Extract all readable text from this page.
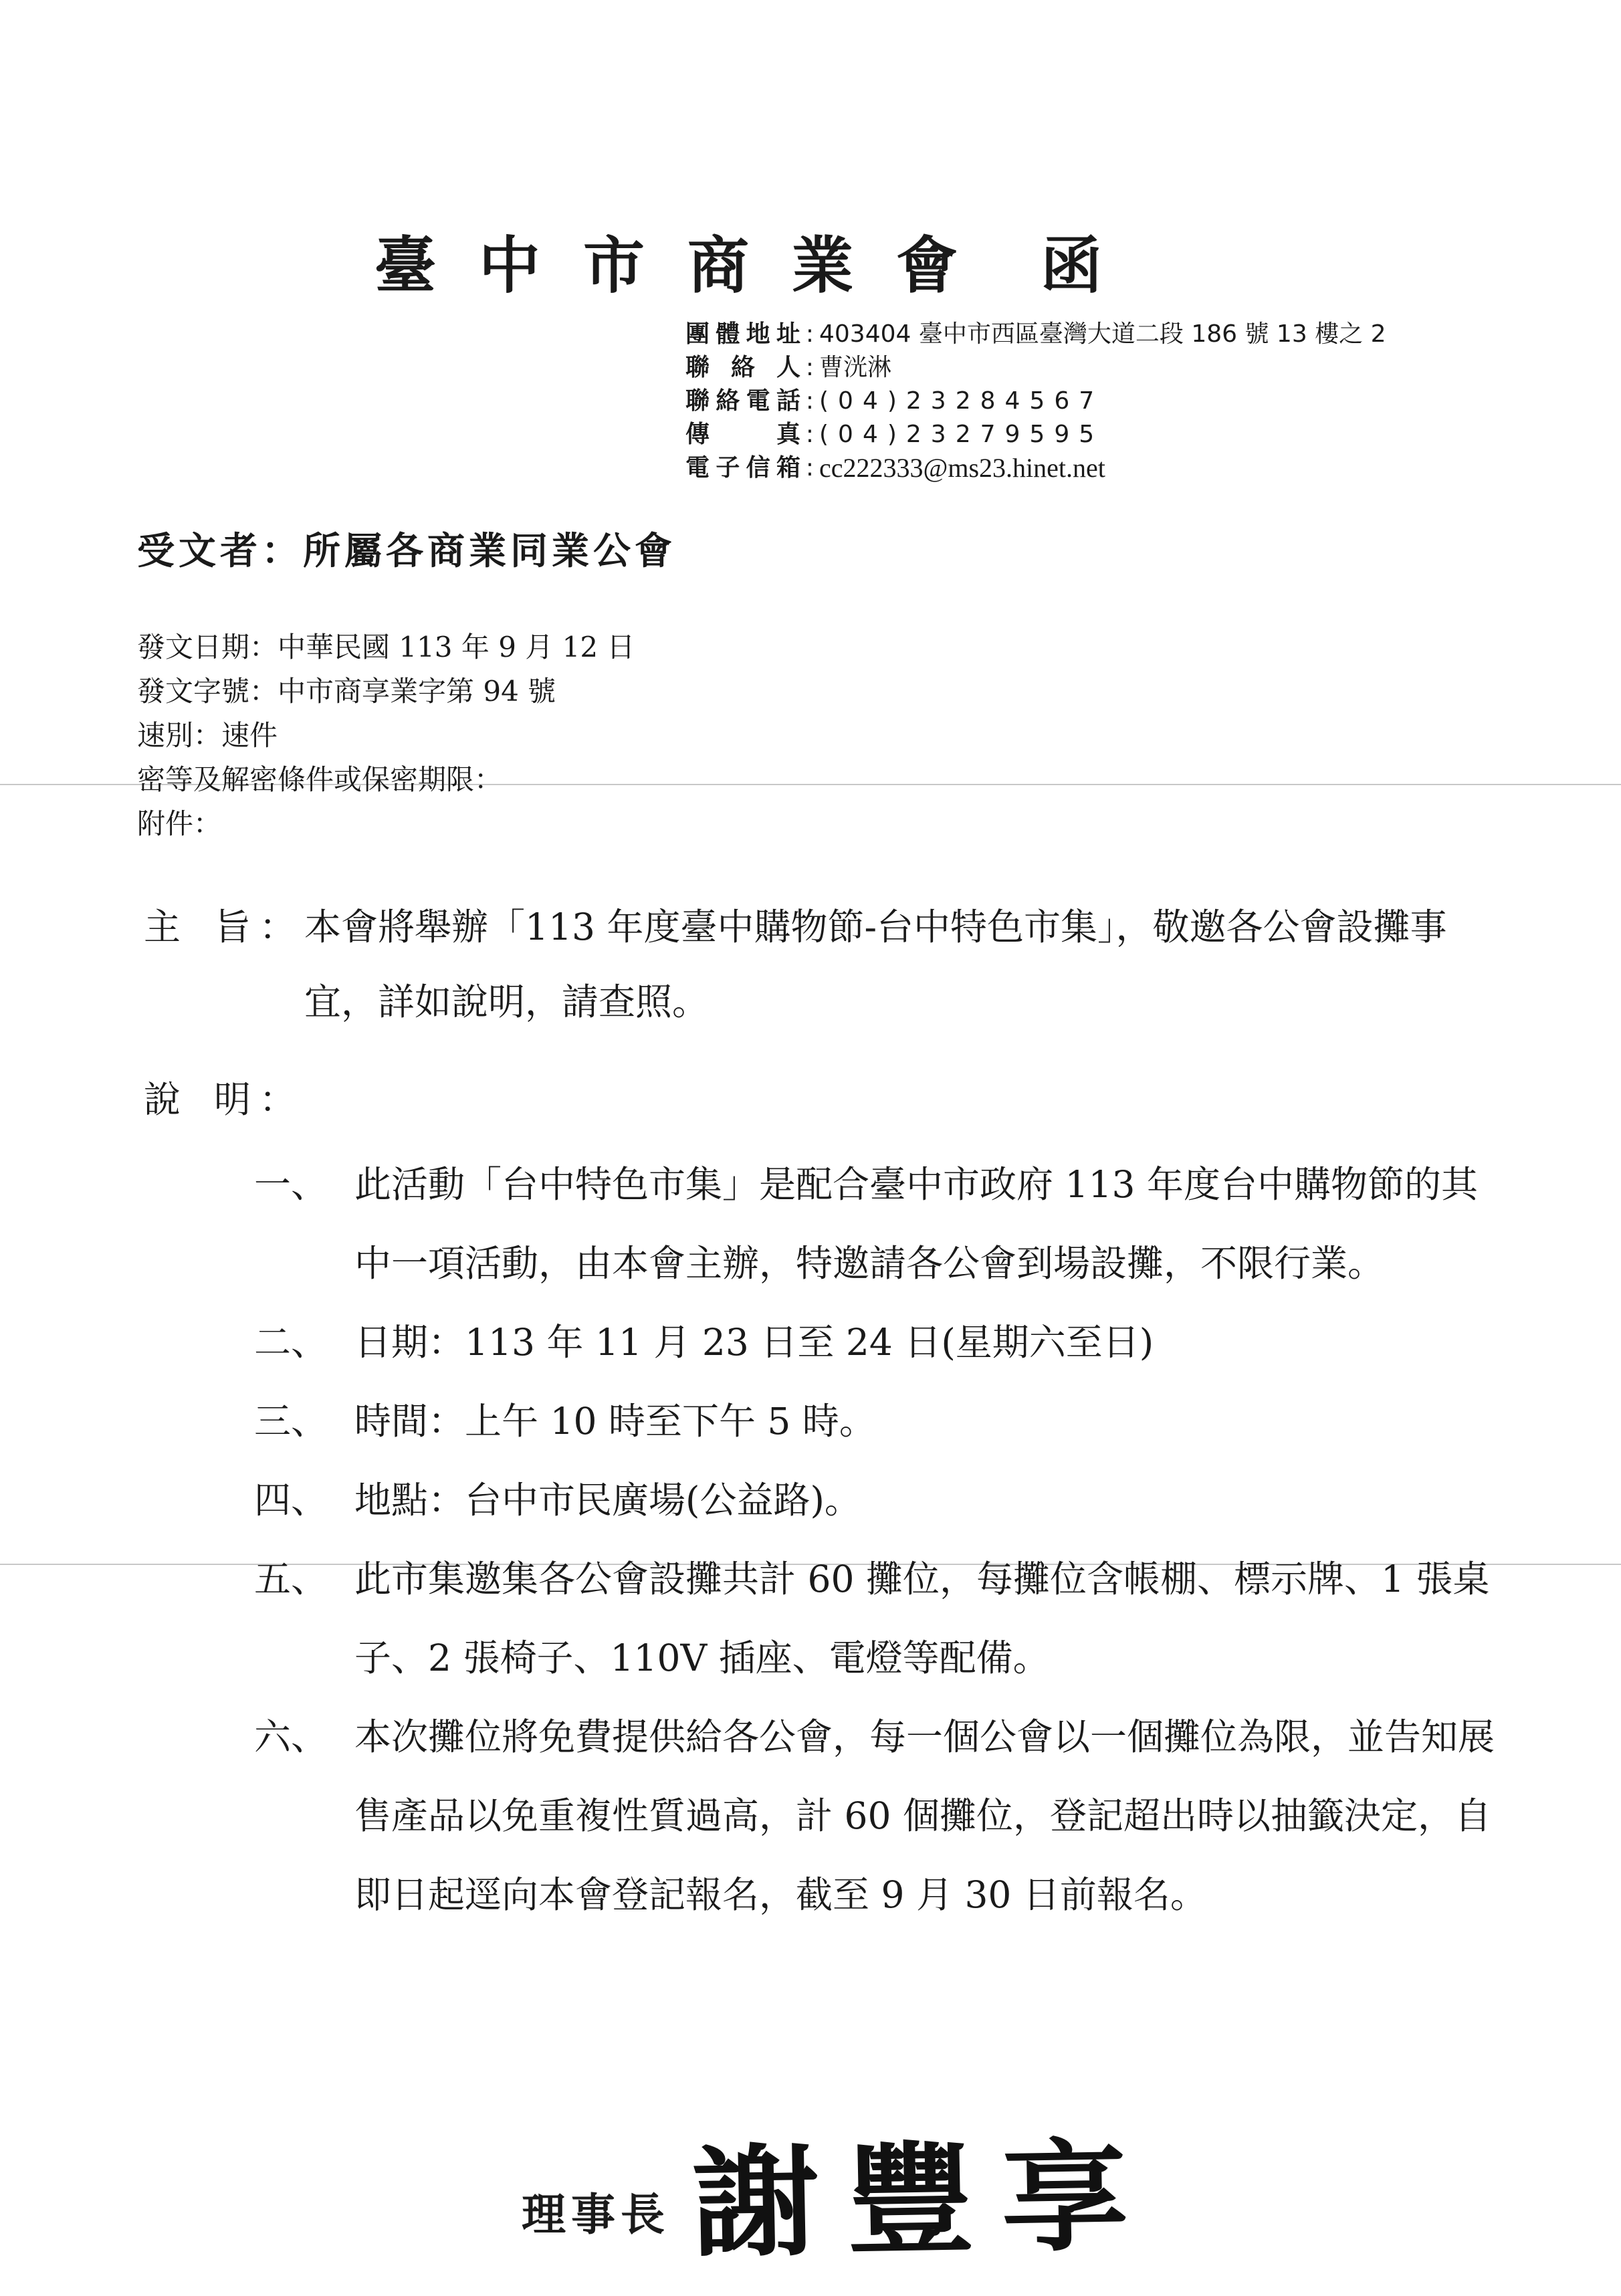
臺中市商業會 函
團體地址 : 403404 臺中市西區臺灣大道二段 186 號 13 樓之 2
聯絡人 : 曹洸淋
聯絡電話 : (04)23284567
傳真 : (04)23279595
電子信箱 : cc222333@ms23.hinet.net
受文者：所屬各商業同業公會
發文日期：中華民國 113 年 9 月 12 日
發文字號：中市商享業字第 94 號
速別：速件
密等及解密條件或保密期限：
附件：
主旨 ： 本會將舉辦「113 年度臺中購物節-台中特色市集」，敬邀各公會設攤事宜，詳如說明，請查照。
說明 ：
一、 此活動「台中特色市集」是配合臺中市政府 113 年度台中購物節的其中一項活動，由本會主辦，特邀請各公會到場設攤，不限行業。
二、 日期：113 年 11 月 23 日至 24 日(星期六至日)
三、 時間：上午 10 時至下午 5 時。
四、 地點：台中市民廣場(公益路)。
五、 此市集邀集各公會設攤共計 60 攤位，每攤位含帳棚、標示牌、1 張桌子、2 張椅子、110V 插座、電燈等配備。
六、 本次攤位將免費提供給各公會，每一個公會以一個攤位為限，並告知展售產品以免重複性質過高，計 60 個攤位，登記超出時以抽籤決定，自即日起逕向本會登記報名，截至 9 月 30 日前報名。
理事長 謝豐享
